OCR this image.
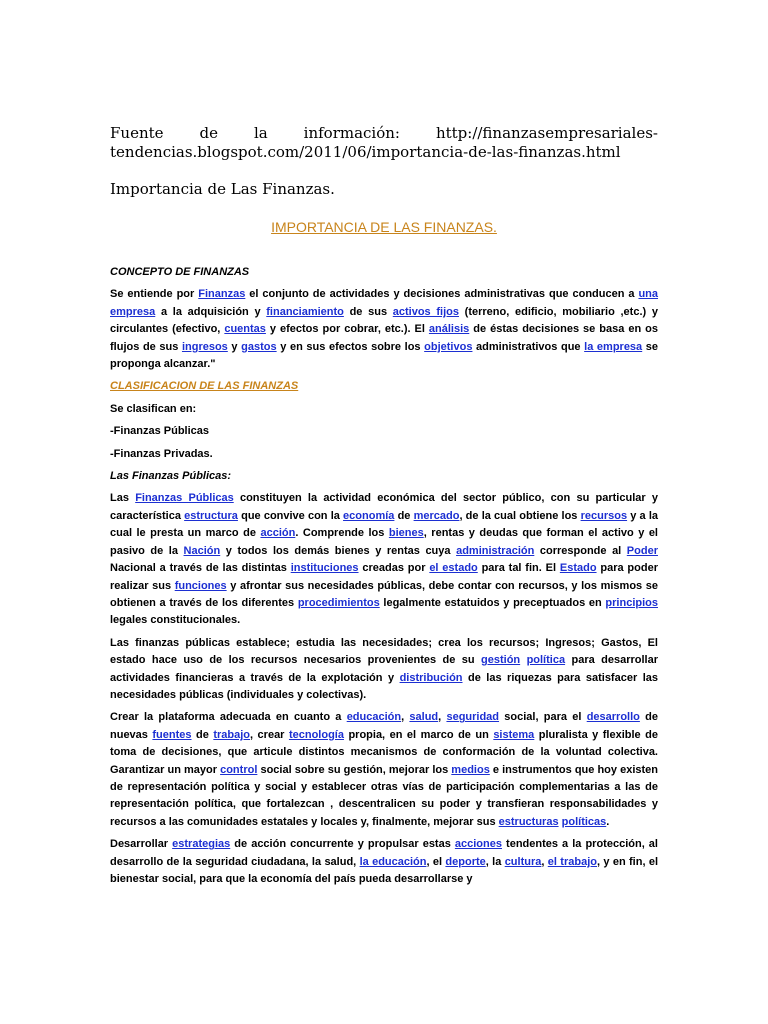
Fuente de la información: http://finanzasempresariales-tendencias.blogspot.com/2011/06/importancia-de-las-finanzas.html
Importancia de Las Finanzas.
IMPORTANCIA DE LAS FINANZAS.

CONCEPTO DE FINANZAS

Se entiende por Finanzas el conjunto de actividades y decisiones administrativas que conducen a una empresa a la adquisición y financiamiento de sus activos fijos (terreno, edificio, mobiliario ,etc.) y circulantes (efectivo, cuentas y efectos por cobrar, etc.). El análisis de éstas decisiones se basa en os flujos de sus ingresos y gastos y en sus efectos sobre los objetivos administrativos que la empresa se proponga alcanzar."

CLASIFICACION DE LAS FINANZAS

Se clasifican en:

-Finanzas Públicas

-Finanzas Privadas.

Las Finanzas Públicas:

Las Finanzas Públicas constituyen la actividad económica del sector público, con su particular y característica estructura que convive con la economía de mercado, de la cual obtiene los recursos y a la cual le presta un marco de acción. Comprende los bienes, rentas y deudas que forman el activo y el pasivo de la Nación y todos los demás bienes y rentas cuya administración corresponde al Poder Nacional a través de las distintas instituciones creadas por el estado para tal fin. El Estado para poder realizar sus funciones y afrontar sus necesidades públicas, debe contar con recursos, y los mismos se obtienen a través de los diferentes procedimientos legalmente estatuidos y preceptuados en principios legales constitucionales.

Las finanzas públicas establece; estudia las necesidades; crea los recursos; Ingresos; Gastos, El estado hace uso de los recursos necesarios provenientes de su gestión política para desarrollar actividades financieras a través de la explotación y distribución de las riquezas para satisfacer las necesidades públicas (individuales y colectivas).

Crear la plataforma adecuada en cuanto a educación, salud, seguridad social, para el desarrollo de nuevas fuentes de trabajo, crear tecnología propia, en el marco de un sistema pluralista y flexible de toma de decisiones, que articule distintos mecanismos de conformación de la voluntad colectiva. Garantizar un mayor control social sobre su gestión, mejorar los medios e instrumentos que hoy existen de representación política y social y establecer otras vías de participación complementarias a las de representación política, que fortalezcan , descentralicen su poder y transfieran responsabilidades y recursos a las comunidades estatales y locales y, finalmente, mejorar sus estructuras políticas.

Desarrollar estrategias de acción concurrente y propulsar estas acciones tendentes a la protección, al desarrollo de la seguridad ciudadana, la salud, la educación, el deporte, la cultura, el trabajo, y en fin, el bienestar social, para que la economía del país pueda desarrollarse y
